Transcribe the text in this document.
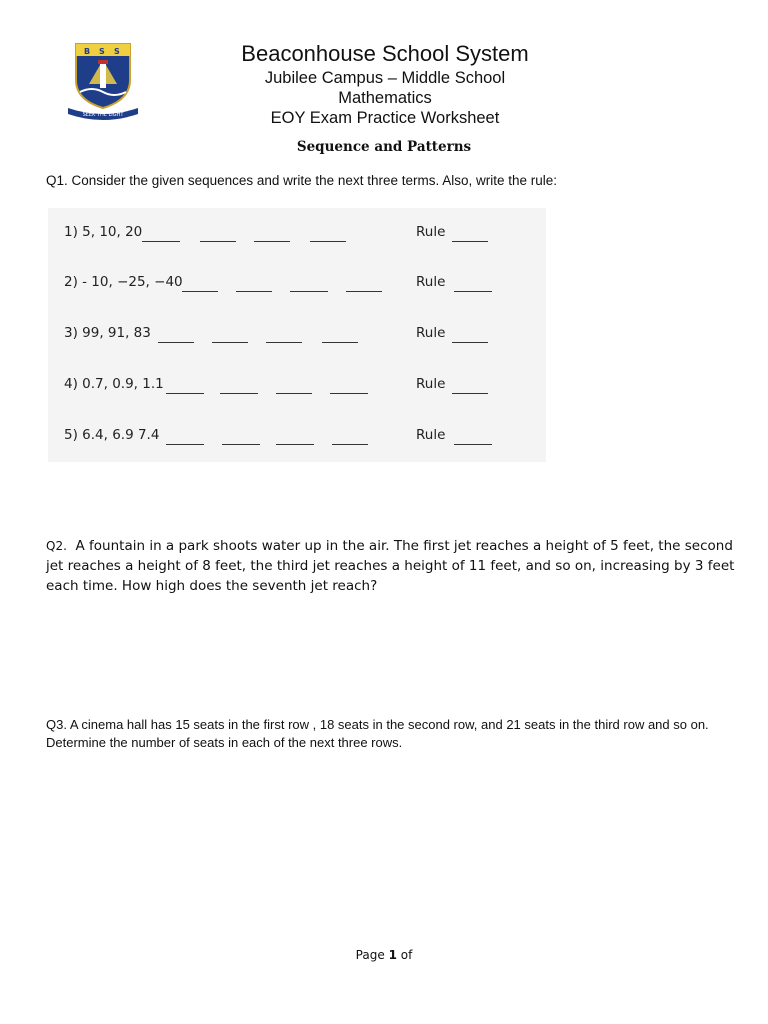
B S S
SEEK THE LIGHT
Beaconhouse School System
Jubilee Campus – Middle School
Mathematics
EOY Exam Practice Worksheet
Sequence and Patterns
Q1. Consider the given sequences and write the next three terms. Also, write the rule:
1) 5, 10, 20	Rule
2) - 10, −25, −40	Rule
3) 99, 91, 83	Rule
4) 0.7, 0.9, 1.1	Rule
5) 6.4, 6.9 7.4	Rule
Q2. A fountain in a park shoots water up in the air. The first jet reaches a height of 5 feet, the second jet reaches a height of 8 feet, the third jet reaches a height of 11 feet, and so on, increasing by 3 feet each time. How high does the seventh jet reach?
Q3. A cinema hall has 15 seats in the first row , 18 seats in the second row, and 21 seats in the third row and so on. Determine the number of seats in each of the next three rows.
Page 1 of
